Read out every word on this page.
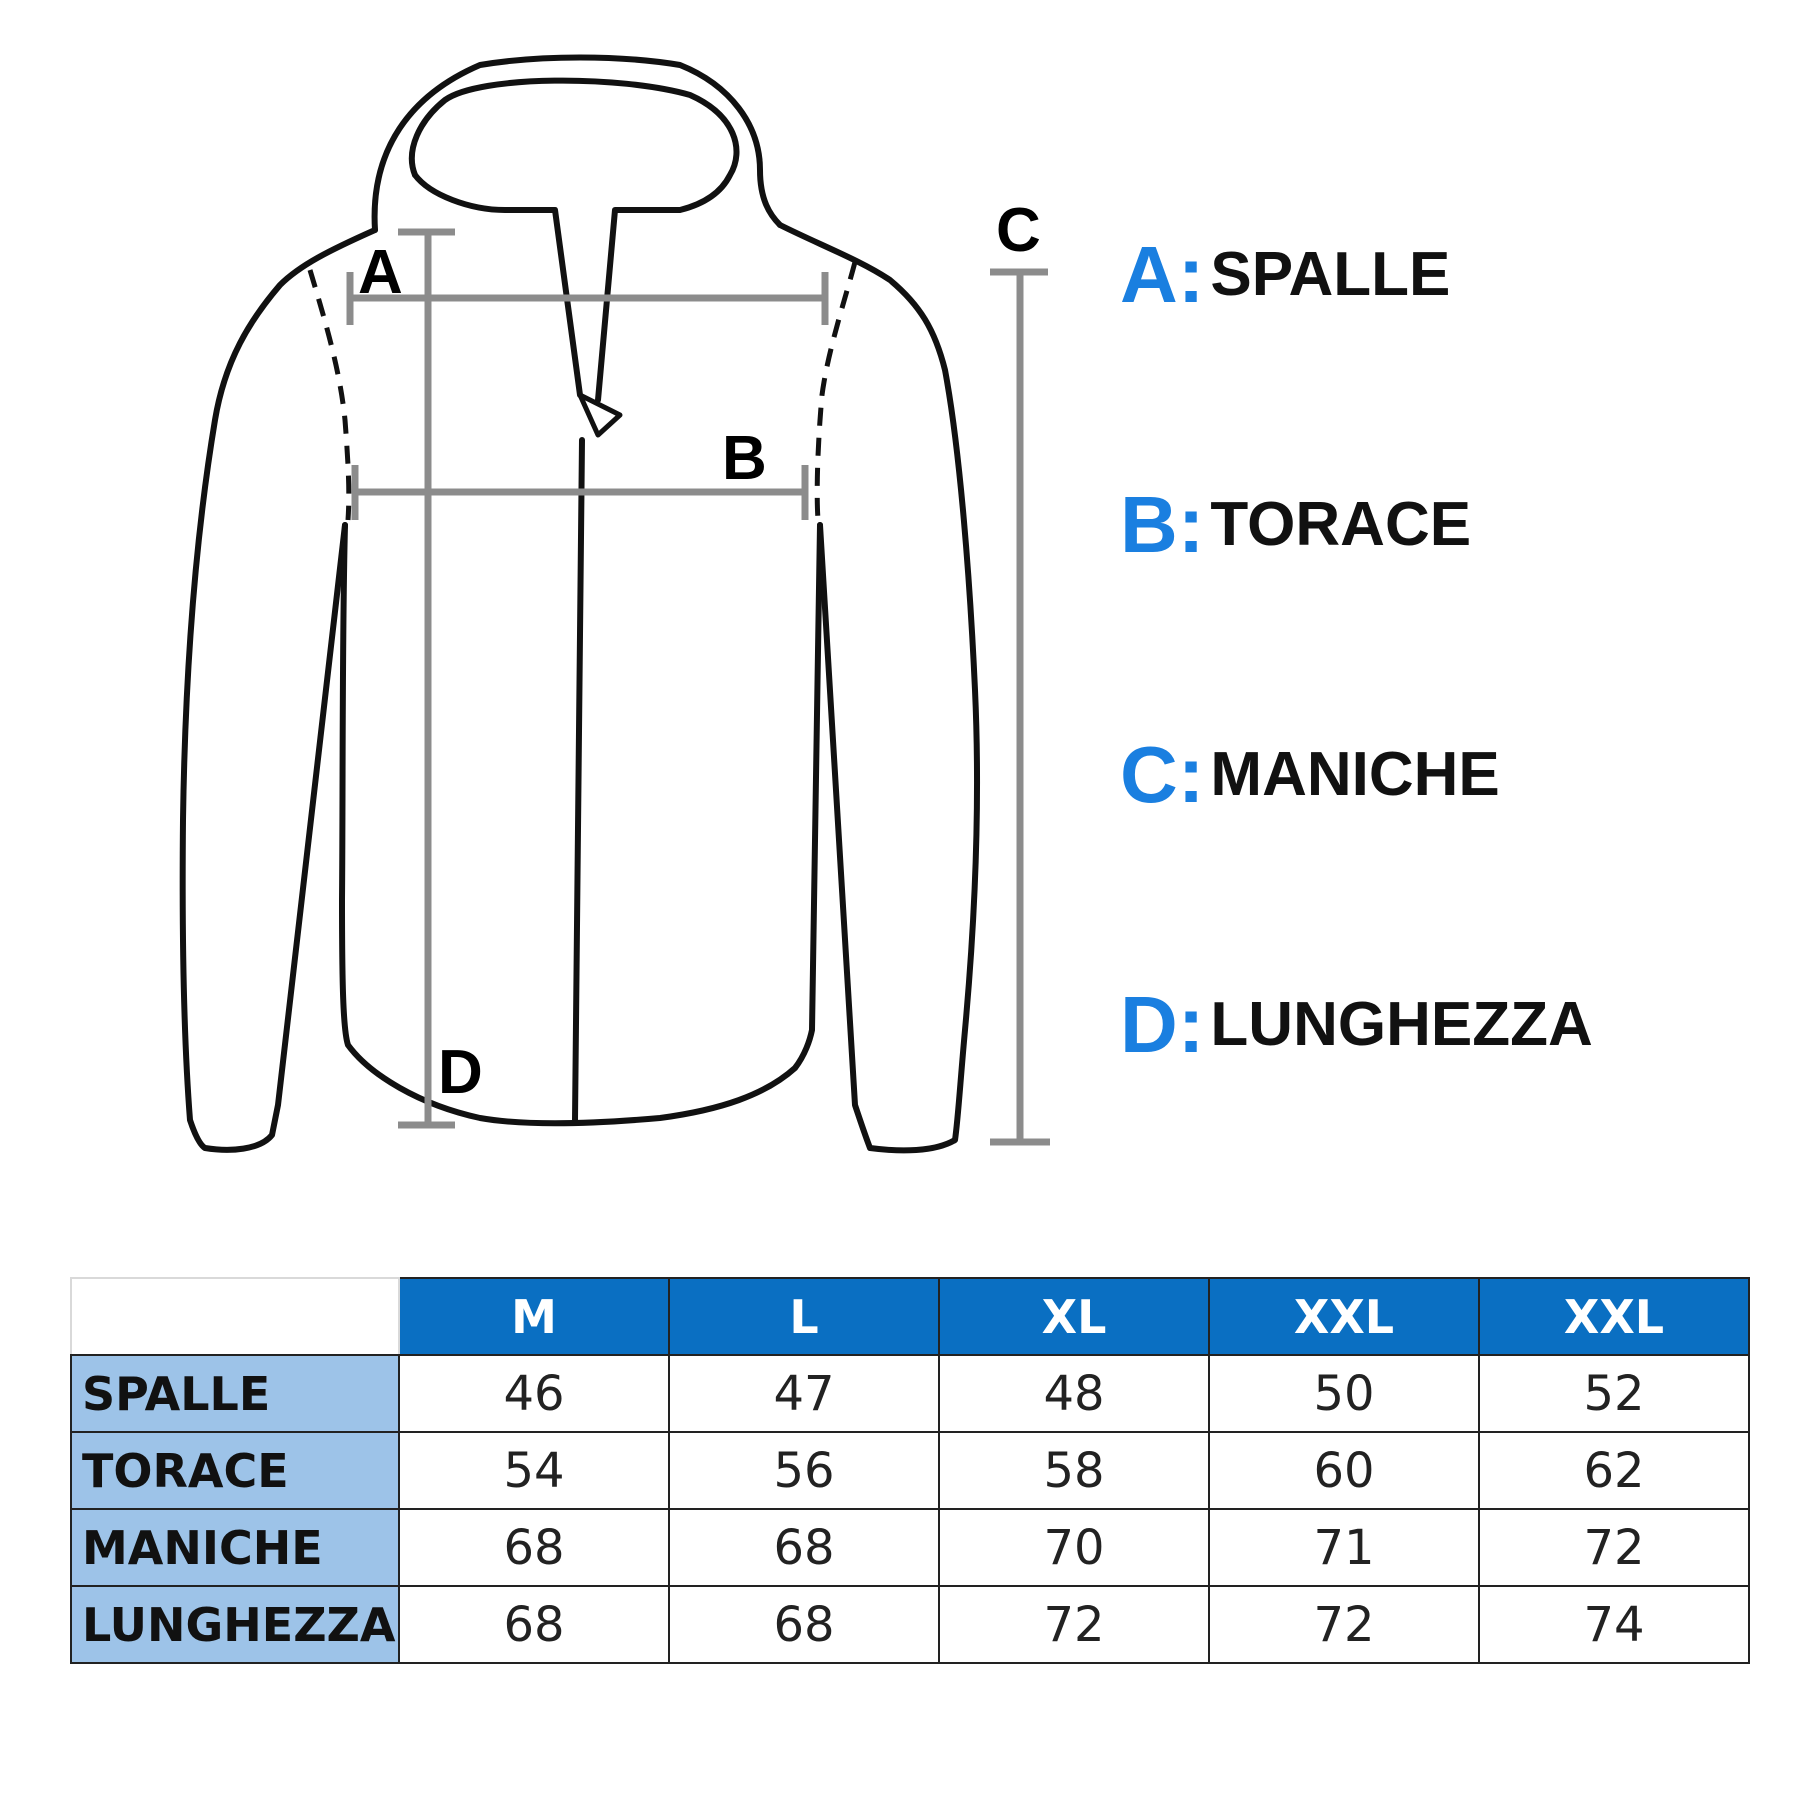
A
B
C
D
A:SPALLE
B:TORACE
C:MANICHE
D:LUNGHEZZA
	M	L	XL	XXL	XXL
SPALLE	46	47	48	50	52
TORACE	54	56	58	60	62
MANICHE	68	68	70	71	72
LUNGHEZZA	68	68	72	72	74
